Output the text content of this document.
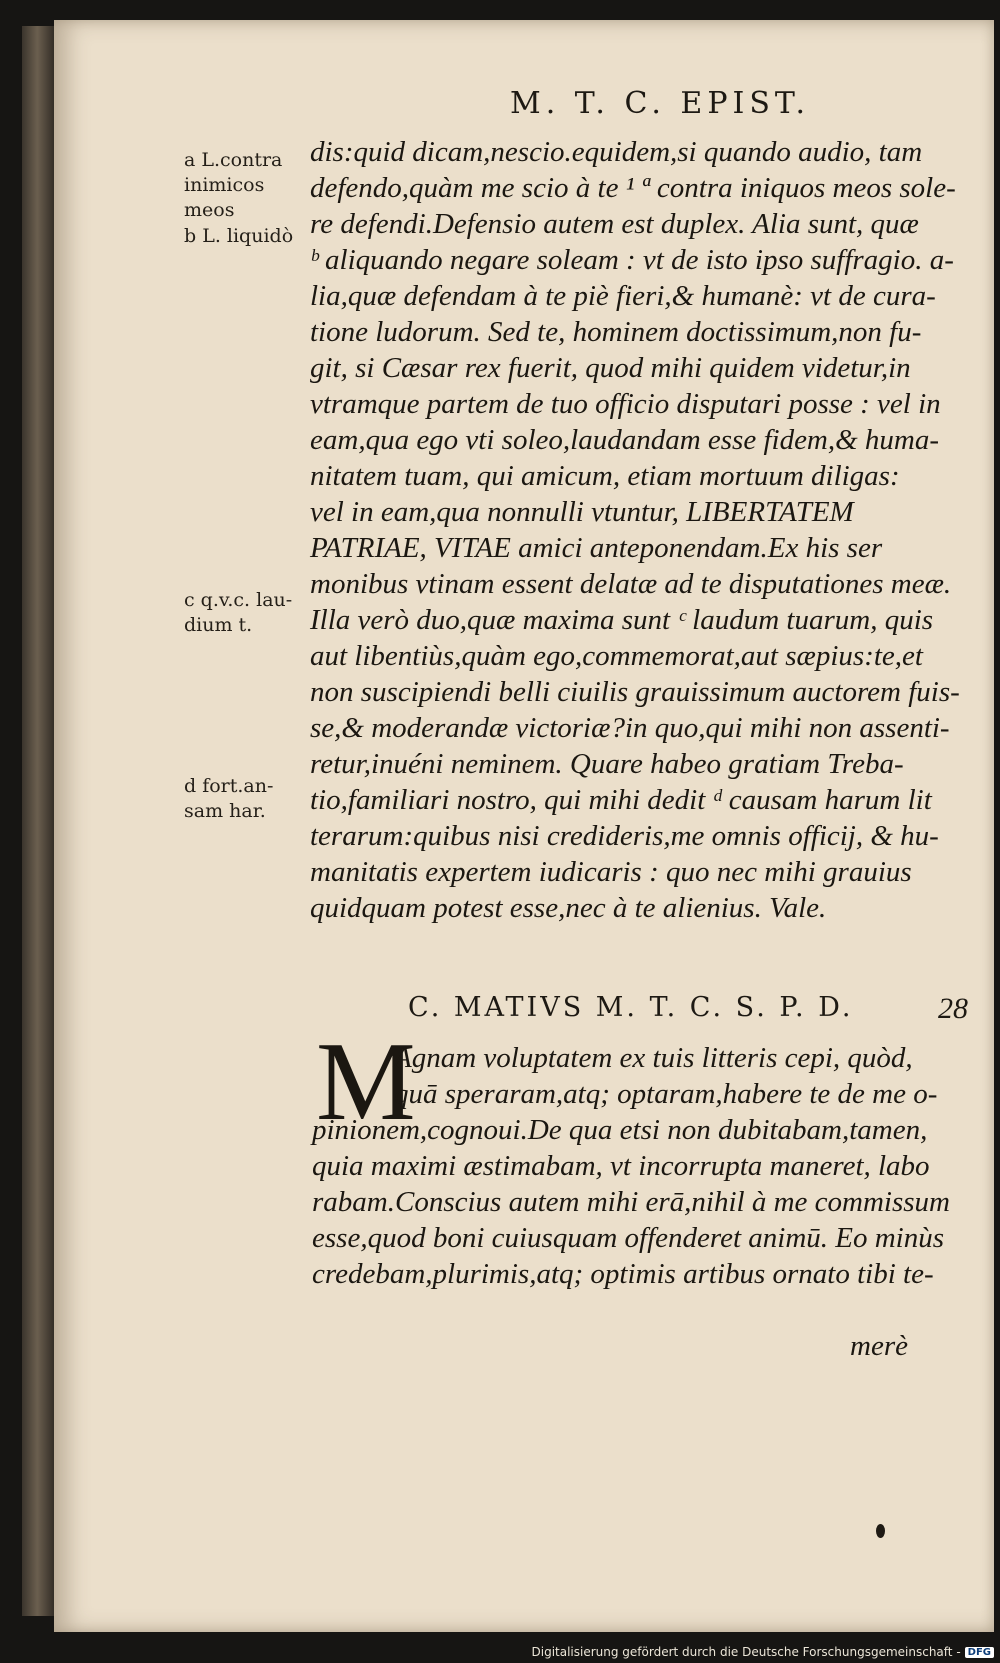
M. T. C. EPIST.
a L.contra
inimicos
meos
b L. liquidò
c q.v.c. lau-
dium t.
d fort.an-
sam har.
dis:quid dicam,nescio.equidem,si quando audio, tam
defendo,quàm me scio à te ¹ ª contra iniquos meos sole-
re defendi.Defensio autem est duplex. Alia sunt, quæ
ᵇ aliquando negare soleam : vt de isto ipso suffragio. a-
lia,quæ defendam à te piè fieri,& humanè: vt de cura-
tione ludorum. Sed te, hominem doctissimum,non fu-
git, si Cæsar rex fuerit, quod mihi quidem videtur,in
vtramque partem de tuo officio disputari posse : vel in
eam,qua ego vti soleo,laudandam esse fidem,& huma-
nitatem tuam, qui amicum, etiam mortuum diligas:
vel in eam,qua nonnulli vtuntur, LIBERTATEM
PATRIAE, VITAE amici anteponendam.Ex his ser
monibus vtinam essent delatæ ad te disputationes meæ.
Illa verò duo,quæ maxima sunt ᶜ laudum tuarum, quis
aut libentiùs,quàm ego,commemorat,aut sæpius:te,et
non suscipiendi belli ciuilis grauissimum auctorem fuis-
se,& moderandæ victoriæ?in quo,qui mihi non assenti-
retur,inuéni neminem. Quare habeo gratiam Treba-
tio,familiari nostro, qui mihi dedit ᵈ causam harum lit
terarum:quibus nisi credideris,me omnis officij, & hu-
manitatis expertem iudicaris : quo nec mihi grauius
quidquam potest esse,nec à te alienius. Vale.
C. MATIVS M. T. C. S. P. D.	28
M
Agnam voluptatem ex tuis litteris cepi, quòd,
quā speraram,atq; optaram,habere te de me o-
pinionem,cognoui.De qua etsi non dubitabam,tamen,
quia maximi æstimabam, vt incorrupta maneret, labo
rabam.Conscius autem mihi erā,nihil à me commissum
esse,quod boni cuiusquam offenderet animū. Eo minùs
credebam,plurimis,atq; optimis artibus ornato tibi te-
merè
Digitalisierung gefördert durch die Deutsche Forschungsgemeinschaft - DFG
